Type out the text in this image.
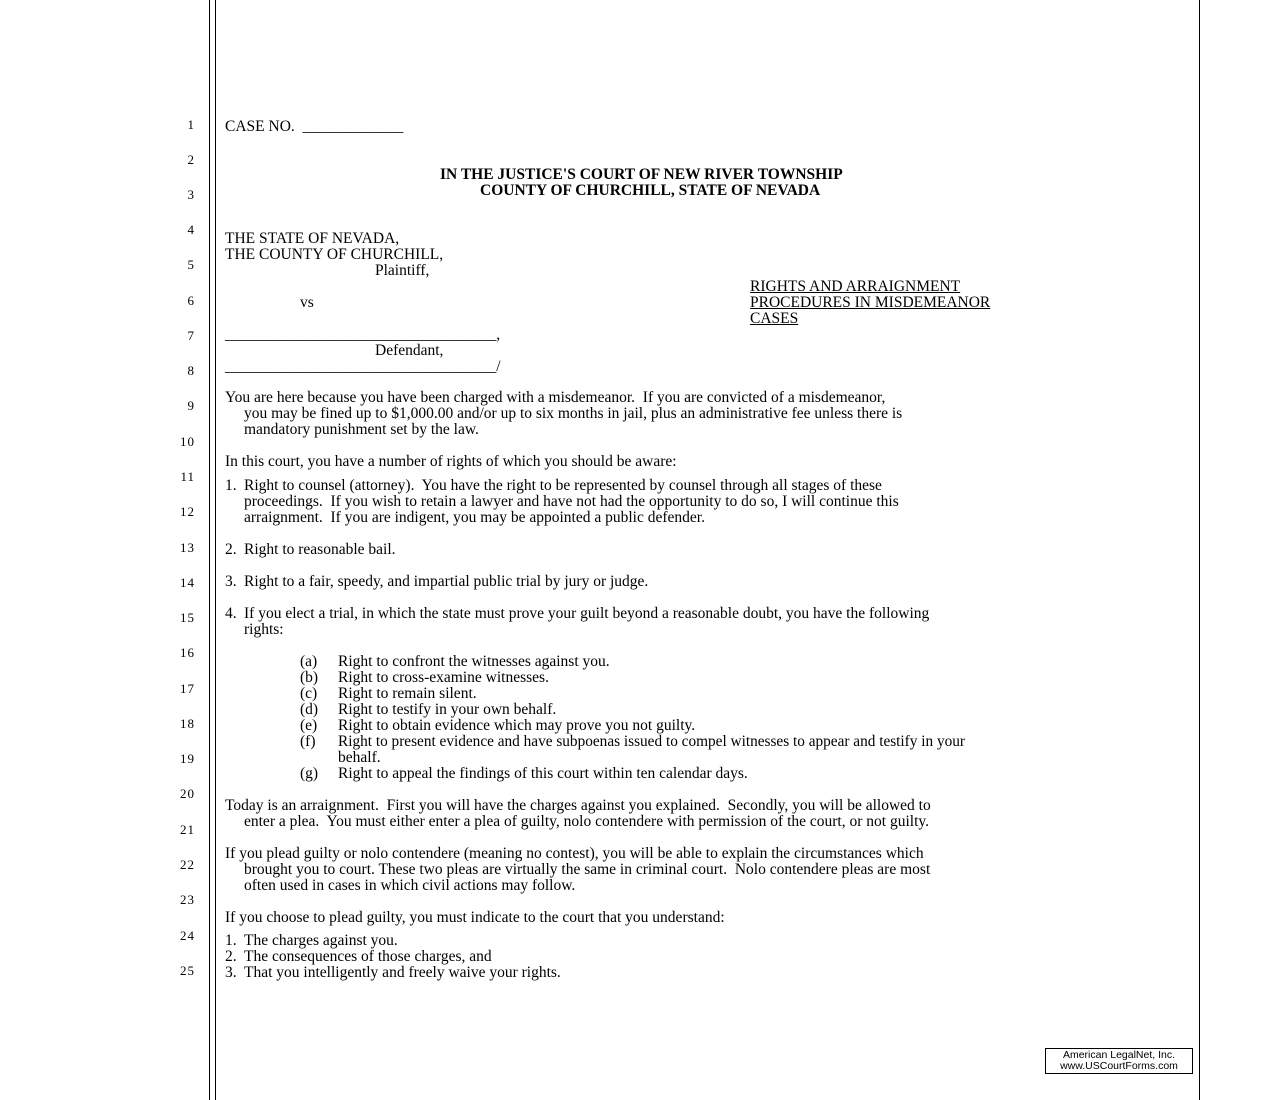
1
2
3
4
5
6
7
8
9
10
11
12
13
14
15
16
17
18
19
20
21
22
23
24
25
CASE NO.  _____________
IN THE JUSTICE'S COURT OF NEW RIVER TOWNSHIP
COUNTY OF CHURCHILL, STATE OF NEVADA
THE STATE OF NEVADA,
THE COUNTY OF CHURCHILL,
Plaintiff,
vs
___________________________________,
Defendant,
___________________________________/
RIGHTS AND ARRAIGNMENT
PROCEDURES IN MISDEMEANOR
CASES
You are here because you have been charged with a misdemeanor.  If you are convicted of a misdemeanor,
you may be fined up to $1,000.00 and/or up to six months in jail, plus an administrative fee unless there is
mandatory punishment set by the law.
In this court, you have a number of rights of which you should be aware:
1. Right to counsel (attorney).  You have the right to be represented by counsel through all stages of these
proceedings.  If you wish to retain a lawyer and have not had the opportunity to do so, I will continue this
arraignment.  If you are indigent, you may be appointed a public defender.
2. Right to reasonable bail.
3. Right to a fair, speedy, and impartial public trial by jury or judge.
4. If you elect a trial, in which the state must prove your guilt beyond a reasonable doubt, you have the following
rights:
(a) Right to confront the witnesses against you.
(b) Right to cross-examine witnesses.
(c) Right to remain silent.
(d) Right to testify in your own behalf.
(e) Right to obtain evidence which may prove you not guilty.
(f) Right to present evidence and have subpoenas issued to compel witnesses to appear and testify in your
behalf.
(g) Right to appeal the findings of this court within ten calendar days.
Today is an arraignment.  First you will have the charges against you explained.  Secondly, you will be allowed to
enter a plea.  You must either enter a plea of guilty, nolo contendere with permission of the court, or not guilty.
If you plead guilty or nolo contendere (meaning no contest), you will be able to explain the circumstances which
brought you to court. These two pleas are virtually the same in criminal court.  Nolo contendere pleas are most
often used in cases in which civil actions may follow.
If you choose to plead guilty, you must indicate to the court that you understand:
1. The charges against you.
2. The consequences of those charges, and
3. That you intelligently and freely waive your rights.
American LegalNet, Inc.
www.USCourtForms.com
